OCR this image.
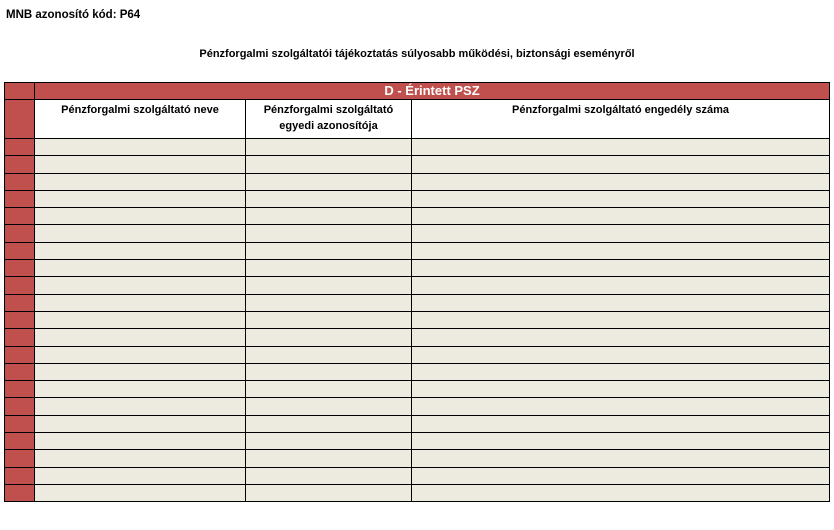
MNB azonosító kód: P64
Pénzforgalmi szolgáltatói tájékoztatás súlyosabb működési, biztonsági eseményről
	D - Érintett PSZ		
	Pénzforgalmi szolgáltató neve	Pénzforgalmi szolgáltató egyedi azonosítója	Pénzforgalmi szolgáltató engedély száma
